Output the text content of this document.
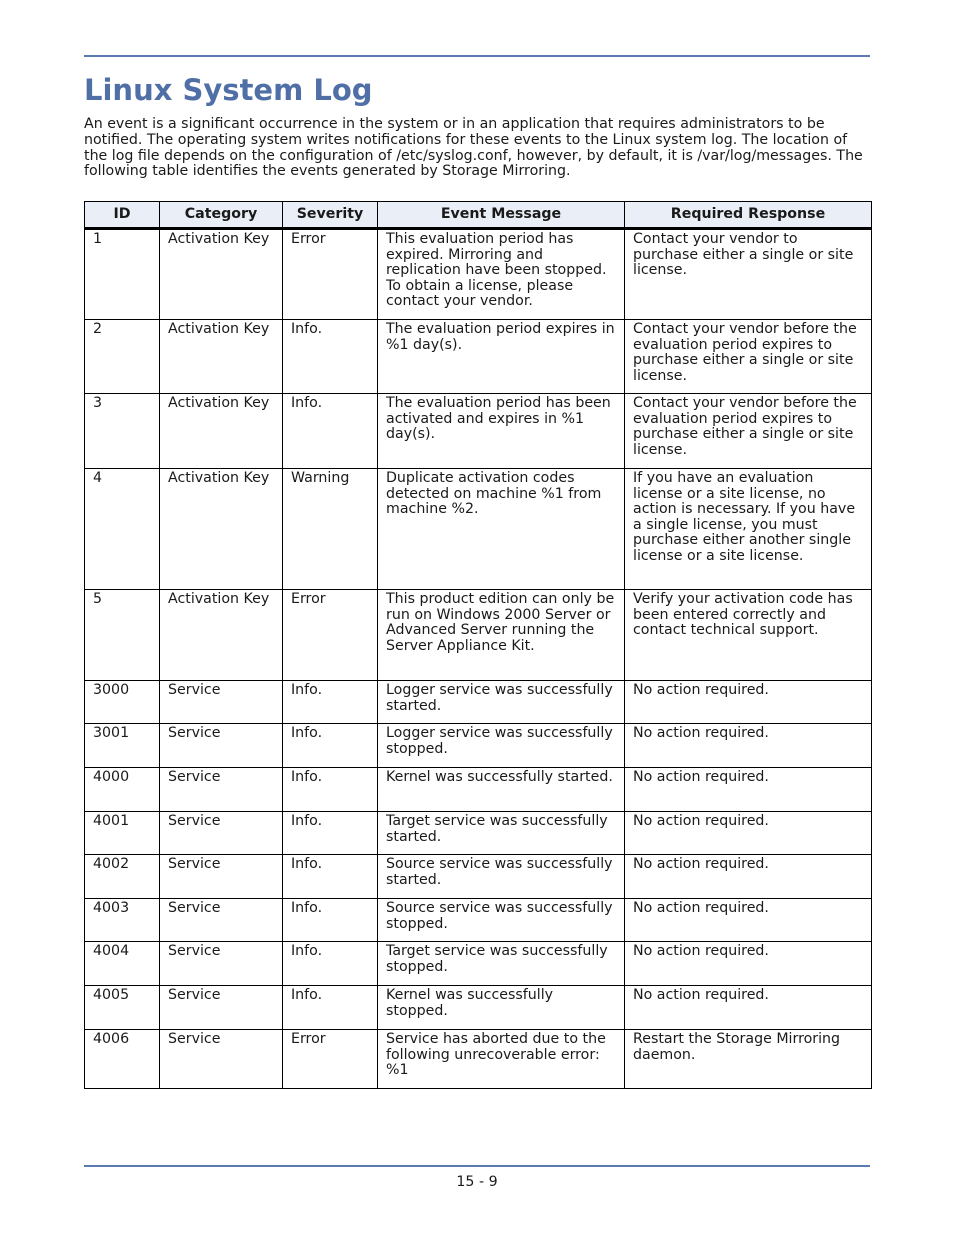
Linux System Log

An event is a significant occurrence in the system or in an application that requires administrators to be notified. The operating system writes notifications for these events to the Linux system log. The location of the log file depends on the configuration of /etc/syslog.conf, however, by default, it is /var/log/messages. The following table identifies the events generated by Storage Mirroring.

ID	Category	Severity	Event Message	Required Response
1	Activation Key	Error	This evaluation period has expired. Mirroring and replication have been stopped. To obtain a license, please contact your vendor.	Contact your vendor to purchase either a single or site license.
2	Activation Key	Info.	The evaluation period expires in %1 day(s).	Contact your vendor before the evaluation period expires to purchase either a single or site license.
3	Activation Key	Info.	The evaluation period has been activated and expires in %1 day(s).	Contact your vendor before the evaluation period expires to purchase either a single or site license.
4	Activation Key	Warning	Duplicate activation codes detected on machine %1 from machine %2.	If you have an evaluation license or a site license, no action is necessary. If you have a single license, you must purchase either another single license or a site license.
5	Activation Key	Error	This product edition can only be run on Windows 2000 Server or Advanced Server running the Server Appliance Kit.	Verify your activation code has been entered correctly and contact technical support.
3000	Service	Info.	Logger service was successfully started.	No action required.
3001	Service	Info.	Logger service was successfully stopped.	No action required.
4000	Service	Info.	Kernel was successfully started.	No action required.
4001	Service	Info.	Target service was successfully started.	No action required.
4002	Service	Info.	Source service was successfully started.	No action required.
4003	Service	Info.	Source service was successfully stopped.	No action required.
4004	Service	Info.	Target service was successfully stopped.	No action required.
4005	Service	Info.	Kernel was successfully stopped.	No action required.
4006	Service	Error	Service has aborted due to the following unrecoverable error: %1	Restart the Storage Mirroring daemon.
15 - 9
